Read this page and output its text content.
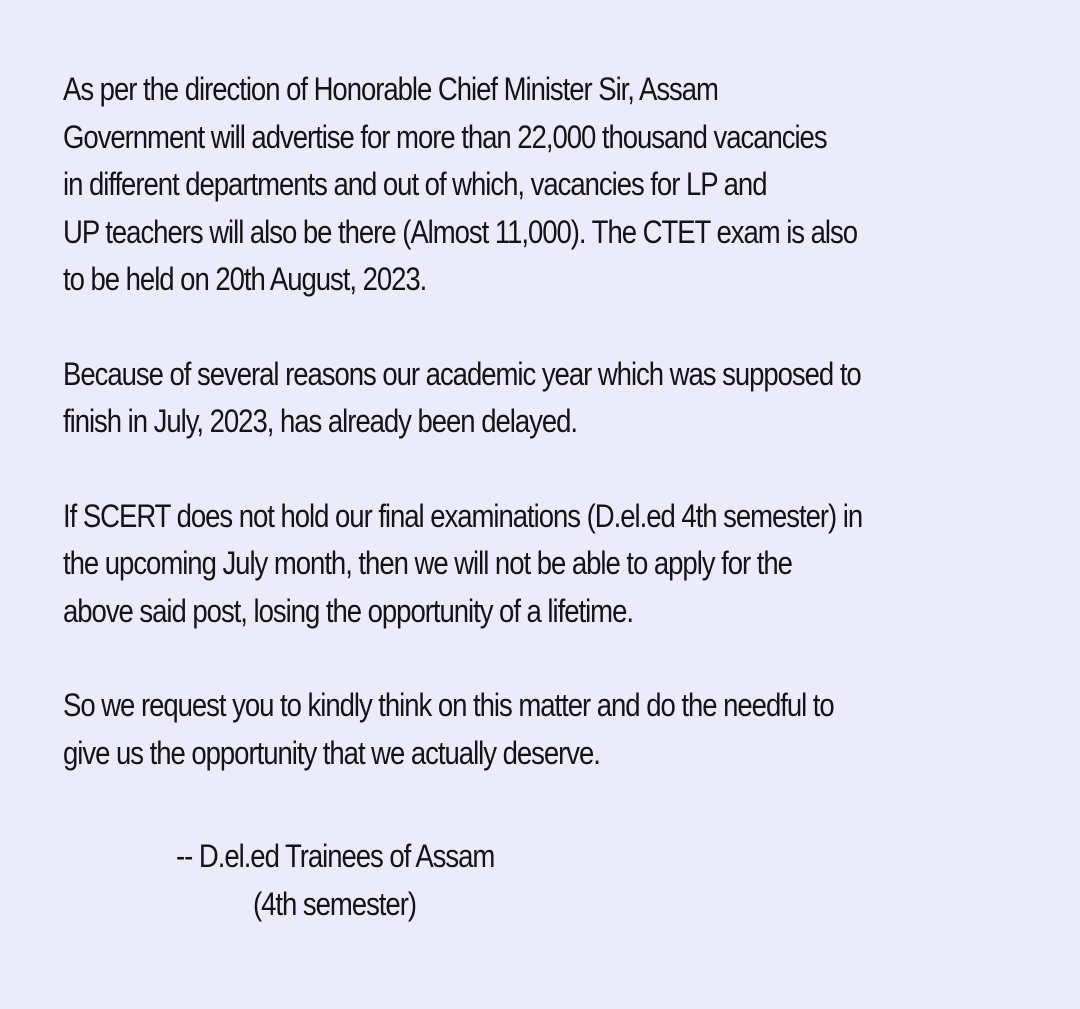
As per the direction of Honorable Chief Minister Sir, Assam
Government will advertise for more than 22,000 thousand vacancies
in different departments and out of which, vacancies for LP and
UP teachers will also be there (Almost 11,000). The CTET exam is also
to be held on 20th August, 2023.

Because of several reasons our academic year which was supposed to
finish in July, 2023, has already been delayed.

If SCERT does not hold our final examinations (D.el.ed 4th semester) in
the upcoming July month, then we will not be able to apply for the
above said post, losing the opportunity of a lifetime.

So we request you to kindly think on this matter and do the needful to
give us the opportunity that we actually deserve.

-- D.el.ed Trainees of Assam
(4th semester)
